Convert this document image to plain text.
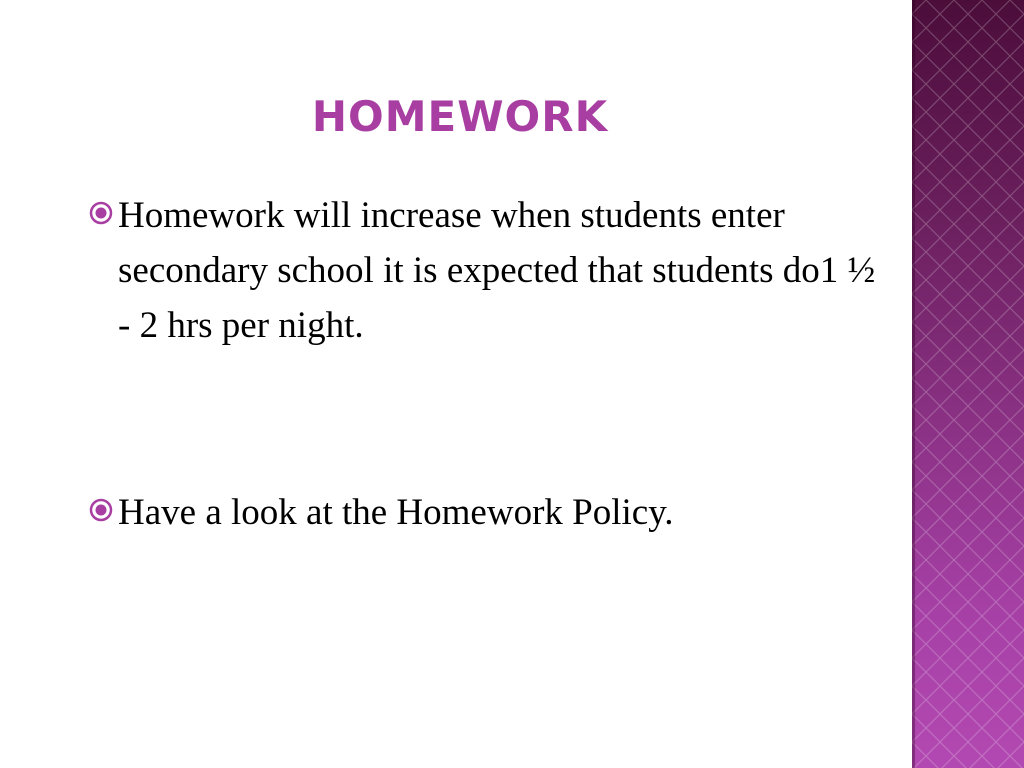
HOMEWORK
Homework will increase when students enter secondary school it is expected that students do1 ½ - 2 hrs per night.
Have a look at the Homework Policy.
